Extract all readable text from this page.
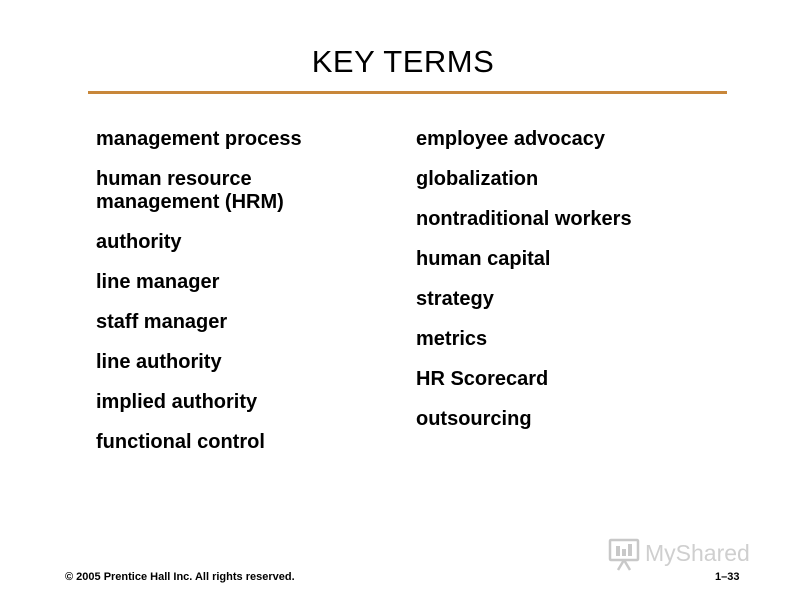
KEY TERMS
management process
human resource management (HRM)
authority
line manager
staff manager
line authority
implied authority
functional control
employee advocacy
globalization
nontraditional workers
human capital
strategy
metrics
HR Scorecard
outsourcing
MyShared
© 2005 Prentice Hall Inc. All rights reserved.	1–33
